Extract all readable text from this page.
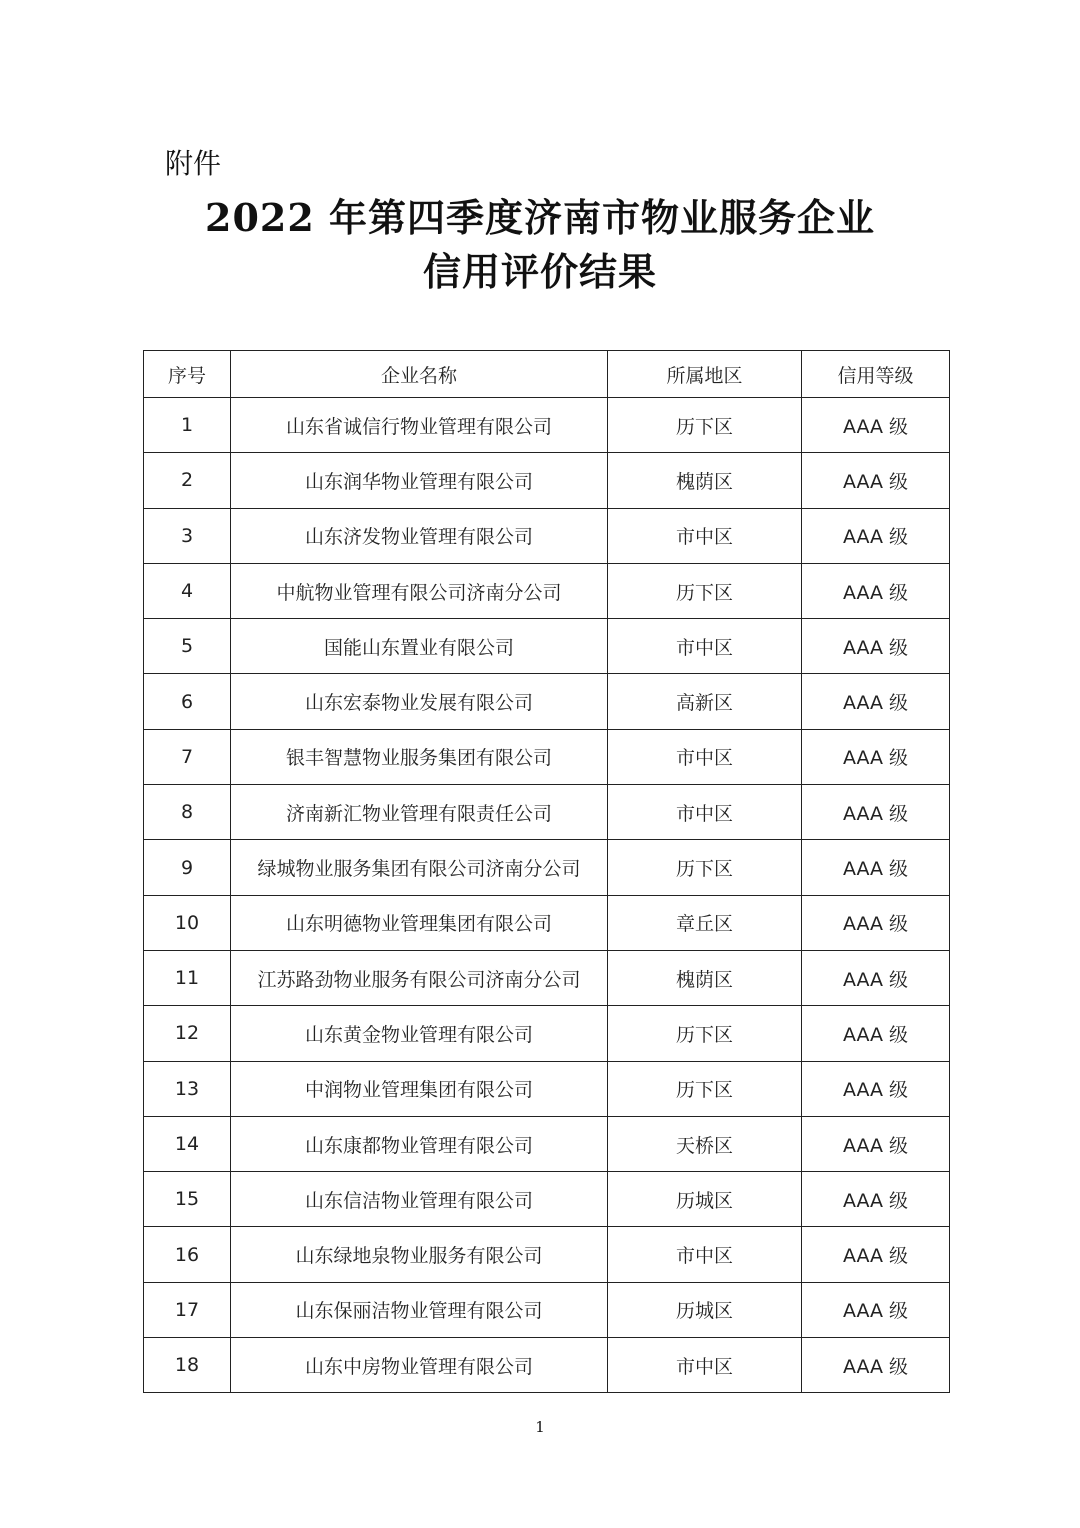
附件
2022 年第四季度济南市物业服务企业
信用评价结果
序号	企业名称	所属地区	信用等级
1	山东省诚信行物业管理有限公司	历下区	AAA 级
2	山东润华物业管理有限公司	槐荫区	AAA 级
3	山东济发物业管理有限公司	市中区	AAA 级
4	中航物业管理有限公司济南分公司	历下区	AAA 级
5	国能山东置业有限公司	市中区	AAA 级
6	山东宏泰物业发展有限公司	高新区	AAA 级
7	银丰智慧物业服务集团有限公司	市中区	AAA 级
8	济南新汇物业管理有限责任公司	市中区	AAA 级
9	绿城物业服务集团有限公司济南分公司	历下区	AAA 级
10	山东明德物业管理集团有限公司	章丘区	AAA 级
11	江苏路劲物业服务有限公司济南分公司	槐荫区	AAA 级
12	山东黄金物业管理有限公司	历下区	AAA 级
13	中润物业管理集团有限公司	历下区	AAA 级
14	山东康都物业管理有限公司	天桥区	AAA 级
15	山东信洁物业管理有限公司	历城区	AAA 级
16	山东绿地泉物业服务有限公司	市中区	AAA 级
17	山东保丽洁物业管理有限公司	历城区	AAA 级
18	山东中房物业管理有限公司	市中区	AAA 级
1
